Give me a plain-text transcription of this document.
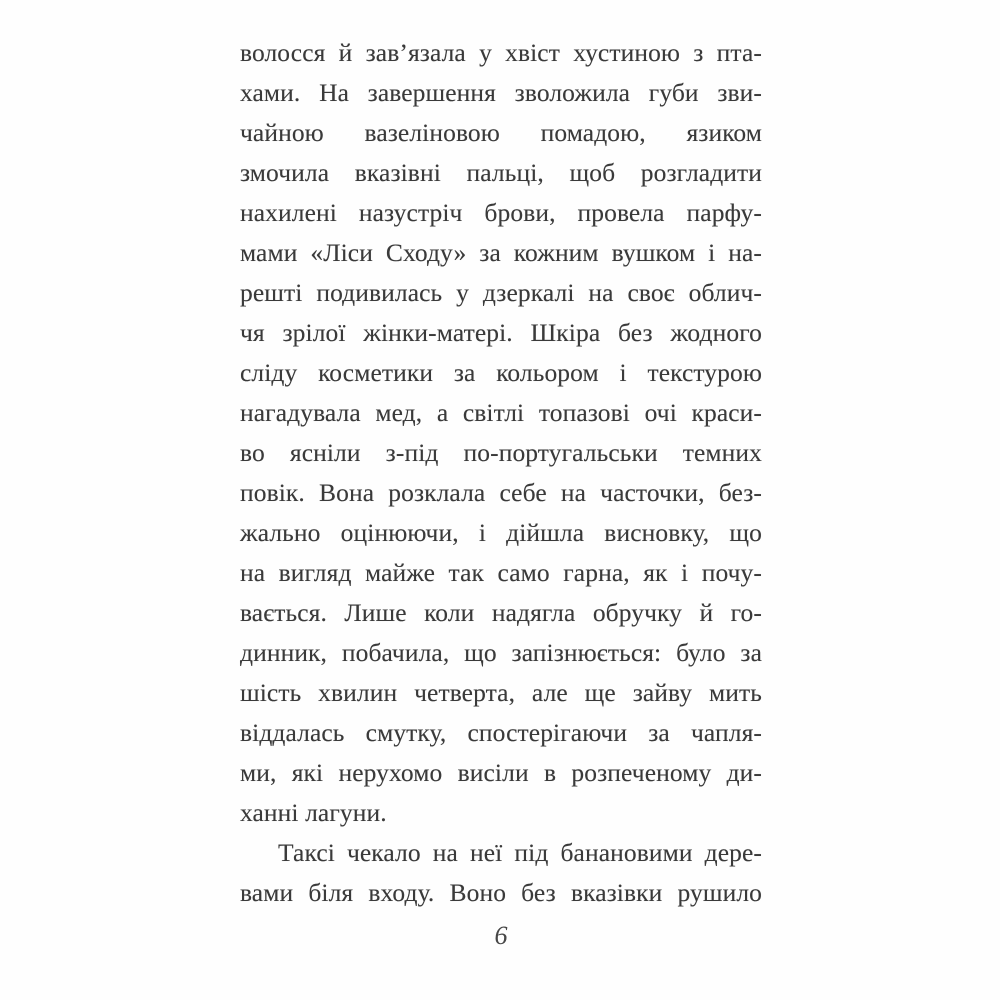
волосся й зав’язала у хвіст хустиною з пта-
хами. На завершення зволожила губи зви-
чайною вазеліновою помадою, язиком
змочила вказівні пальці, щоб розгладити
нахилені назустріч брови, провела парфу-
мами «Ліси Сходу» за кожним вушком і на-
решті подивилась у дзеркалі на своє облич-
чя зрілої жінки-матері. Шкіра без жодного
сліду косметики за кольором і текстурою
нагадувала мед, а світлі топазові очі краси-
во ясніли з-під по-португальськи темних
повік. Вона розклала себе на часточки, без-
жально оцінюючи, і дійшла висновку, що
на вигляд майже так само гарна, як і почу-
вається. Лише коли надягла обручку й го-
динник, побачила, що запізнюється: було за
шість хвилин четверта, але ще зайву мить
віддалась смутку, спостерігаючи за чапля-
ми, які нерухомо висіли в розпеченому ди-
ханні лагуни.
Таксі чекало на неї під банановими дере-
вами біля входу. Воно без вказівки рушило
6
